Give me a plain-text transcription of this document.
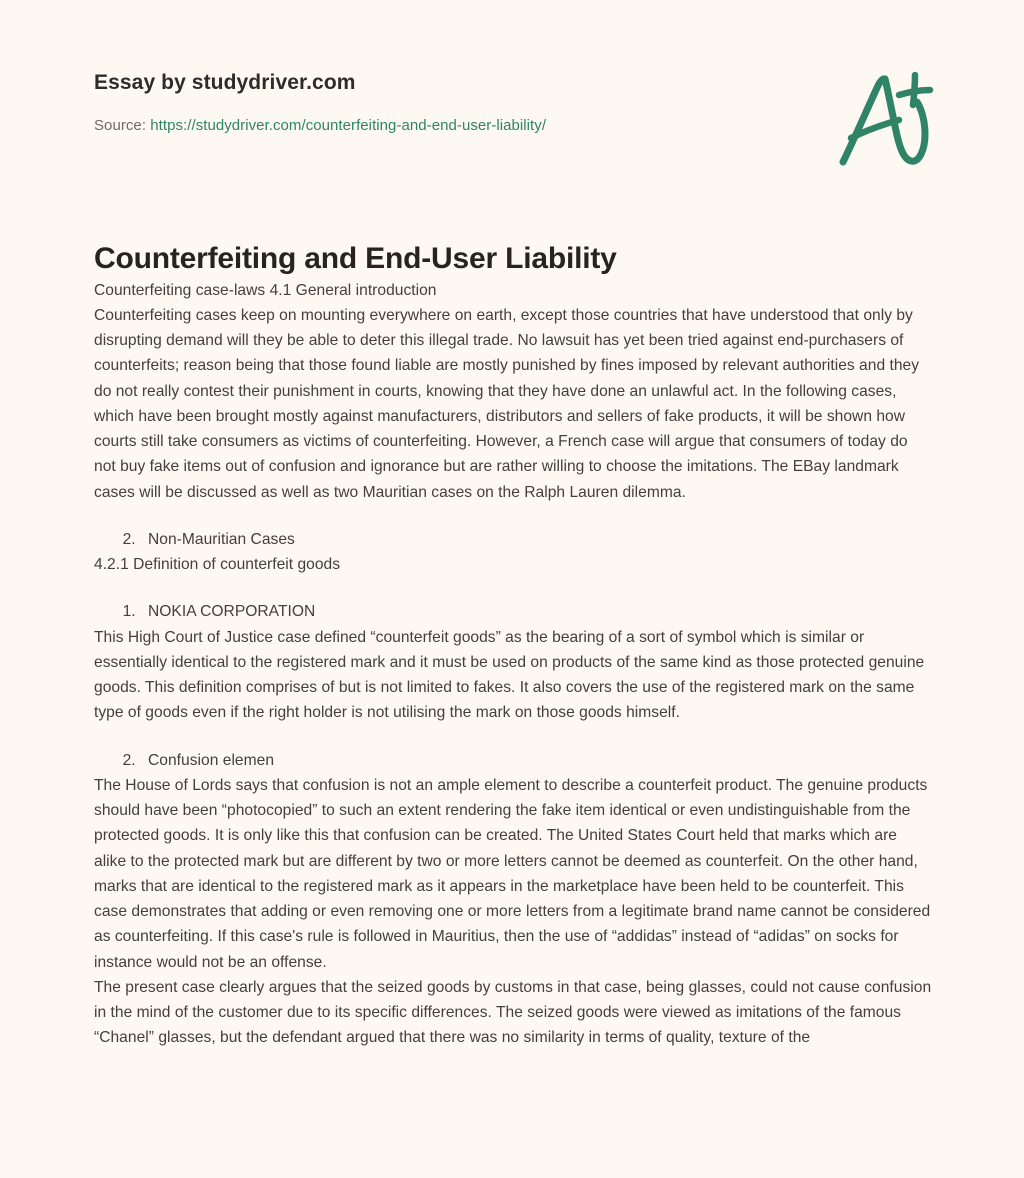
Essay by studydriver.com
Source: https://studydriver.com/counterfeiting-and-end-user-liability/
Counterfeiting and End-User Liability

Counterfeiting case-laws 4.1 General introduction

Counterfeiting cases keep on mounting everywhere on earth, except those countries that have understood that only by disrupting demand will they be able to deter this illegal trade. No lawsuit has yet been tried against end-purchasers of counterfeits; reason being that those found liable are mostly punished by fines imposed by relevant authorities and they do not really contest their punishment in courts, knowing that they have done an unlawful act. In the following cases, which have been brought mostly against manufacturers, distributors and sellers of fake products, it will be shown how courts still take consumers as victims of counterfeiting. However, a French case will argue that consumers of today do not buy fake items out of confusion and ignorance but are rather willing to choose the imitations. The EBay landmark cases will be discussed as well as two Mauritian cases on the Ralph Lauren dilemma.

2. Non-Mauritian Cases

4.2.1 Definition of counterfeit goods

1. NOKIA CORPORATION

This High Court of Justice case defined “counterfeit goods” as the bearing of a sort of symbol which is similar or essentially identical to the registered mark and it must be used on products of the same kind as those protected genuine goods. This definition comprises of but is not limited to fakes. It also covers the use of the registered mark on the same type of goods even if the right holder is not utilising the mark on those goods himself.

2. Confusion elemen

The House of Lords says that confusion is not an ample element to describe a counterfeit product. The genuine products should have been “photocopied” to such an extent rendering the fake item identical or even undistinguishable from the protected goods. It is only like this that confusion can be created. The United States Court held that marks which are alike to the protected mark but are different by two or more letters cannot be deemed as counterfeit. On the other hand, marks that are identical to the registered mark as it appears in the marketplace have been held to be counterfeit. This case demonstrates that adding or even removing one or more letters from a legitimate brand name cannot be considered as counterfeiting. If this case's rule is followed in Mauritius, then the use of “addidas” instead of “adidas” on socks for instance would not be an offense.

The present case clearly argues that the seized goods by customs in that case, being glasses, could not cause confusion in the mind of the customer due to its specific differences. The seized goods were viewed as imitations of the famous “Chanel” glasses, but the defendant argued that there was no similarity in terms of quality, texture of the
